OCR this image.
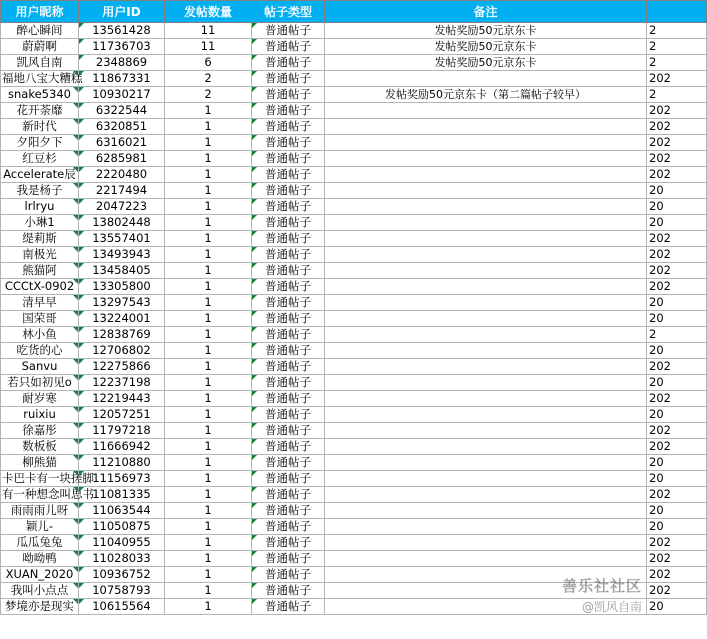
用户昵称	用户ID	发帖数量	帖子类型	备注	
醉心瞬间	13561428	11	普通帖子	发帖奖励50元京东卡	2
蔚蔚啊	11736703	11	普通帖子	发帖奖励50元京东卡	2
凯风自南	2348869	6	普通帖子	发帖奖励50元京东卡	2
福地八宝大糟糕	11867331	2	普通帖子		202
snake5340	10930217	2	普通帖子	发帖奖励50元京东卡（第二篇帖子较早）	2
花开荼靡	6322544	1	普通帖子		202
新时代	6320851	1	普通帖子		202
夕阳夕下	6316021	1	普通帖子		202
红豆杉	6285981	1	普通帖子		202
Accelerate辰	2220480	1	普通帖子		202
我是杨子	2217494	1	普通帖子		20
lrlryu	2047223	1	普通帖子		20
小琳1	13802448	1	普通帖子		20
缇莉斯	13557401	1	普通帖子		202
南极光	13493943	1	普通帖子		202
熊猫阿	13458405	1	普通帖子		202
CCCtX-0902	13305800	1	普通帖子		202
清早早	13297543	1	普通帖子		20
国荣哥	13224001	1	普通帖子		20
林小鱼	12838769	1	普通帖子		2
吃货的心	12706802	1	普通帖子		20
Sanvu	12275866	1	普通帖子		202
若只如初见o	12237198	1	普通帖子		20
耐岁寒	12219443	1	普通帖子		202
ruixiu	12057251	1	普通帖子		20
徐嘉彤	11797218	1	普通帖子		202
数板板	11666942	1	普通帖子		202
柳熊猫	11210880	1	普通帖子		20
卡巴卡有一块搓脚	11156973	1	普通帖子		20
有一种想念叫思书	11081335	1	普通帖子		202
雨雨雨儿呀	11063544	1	普通帖子		20
颖儿-	11050875	1	普通帖子		20
瓜瓜兔兔	11040955	1	普通帖子		202
呦呦鸭	11028033	1	普通帖子		202
XUAN_2020	10936752	1	普通帖子		202
我叫小点点	10758793	1	普通帖子		202
梦境亦是现实	10615564	1	普通帖子		20
善乐社社区
@凯风自南
